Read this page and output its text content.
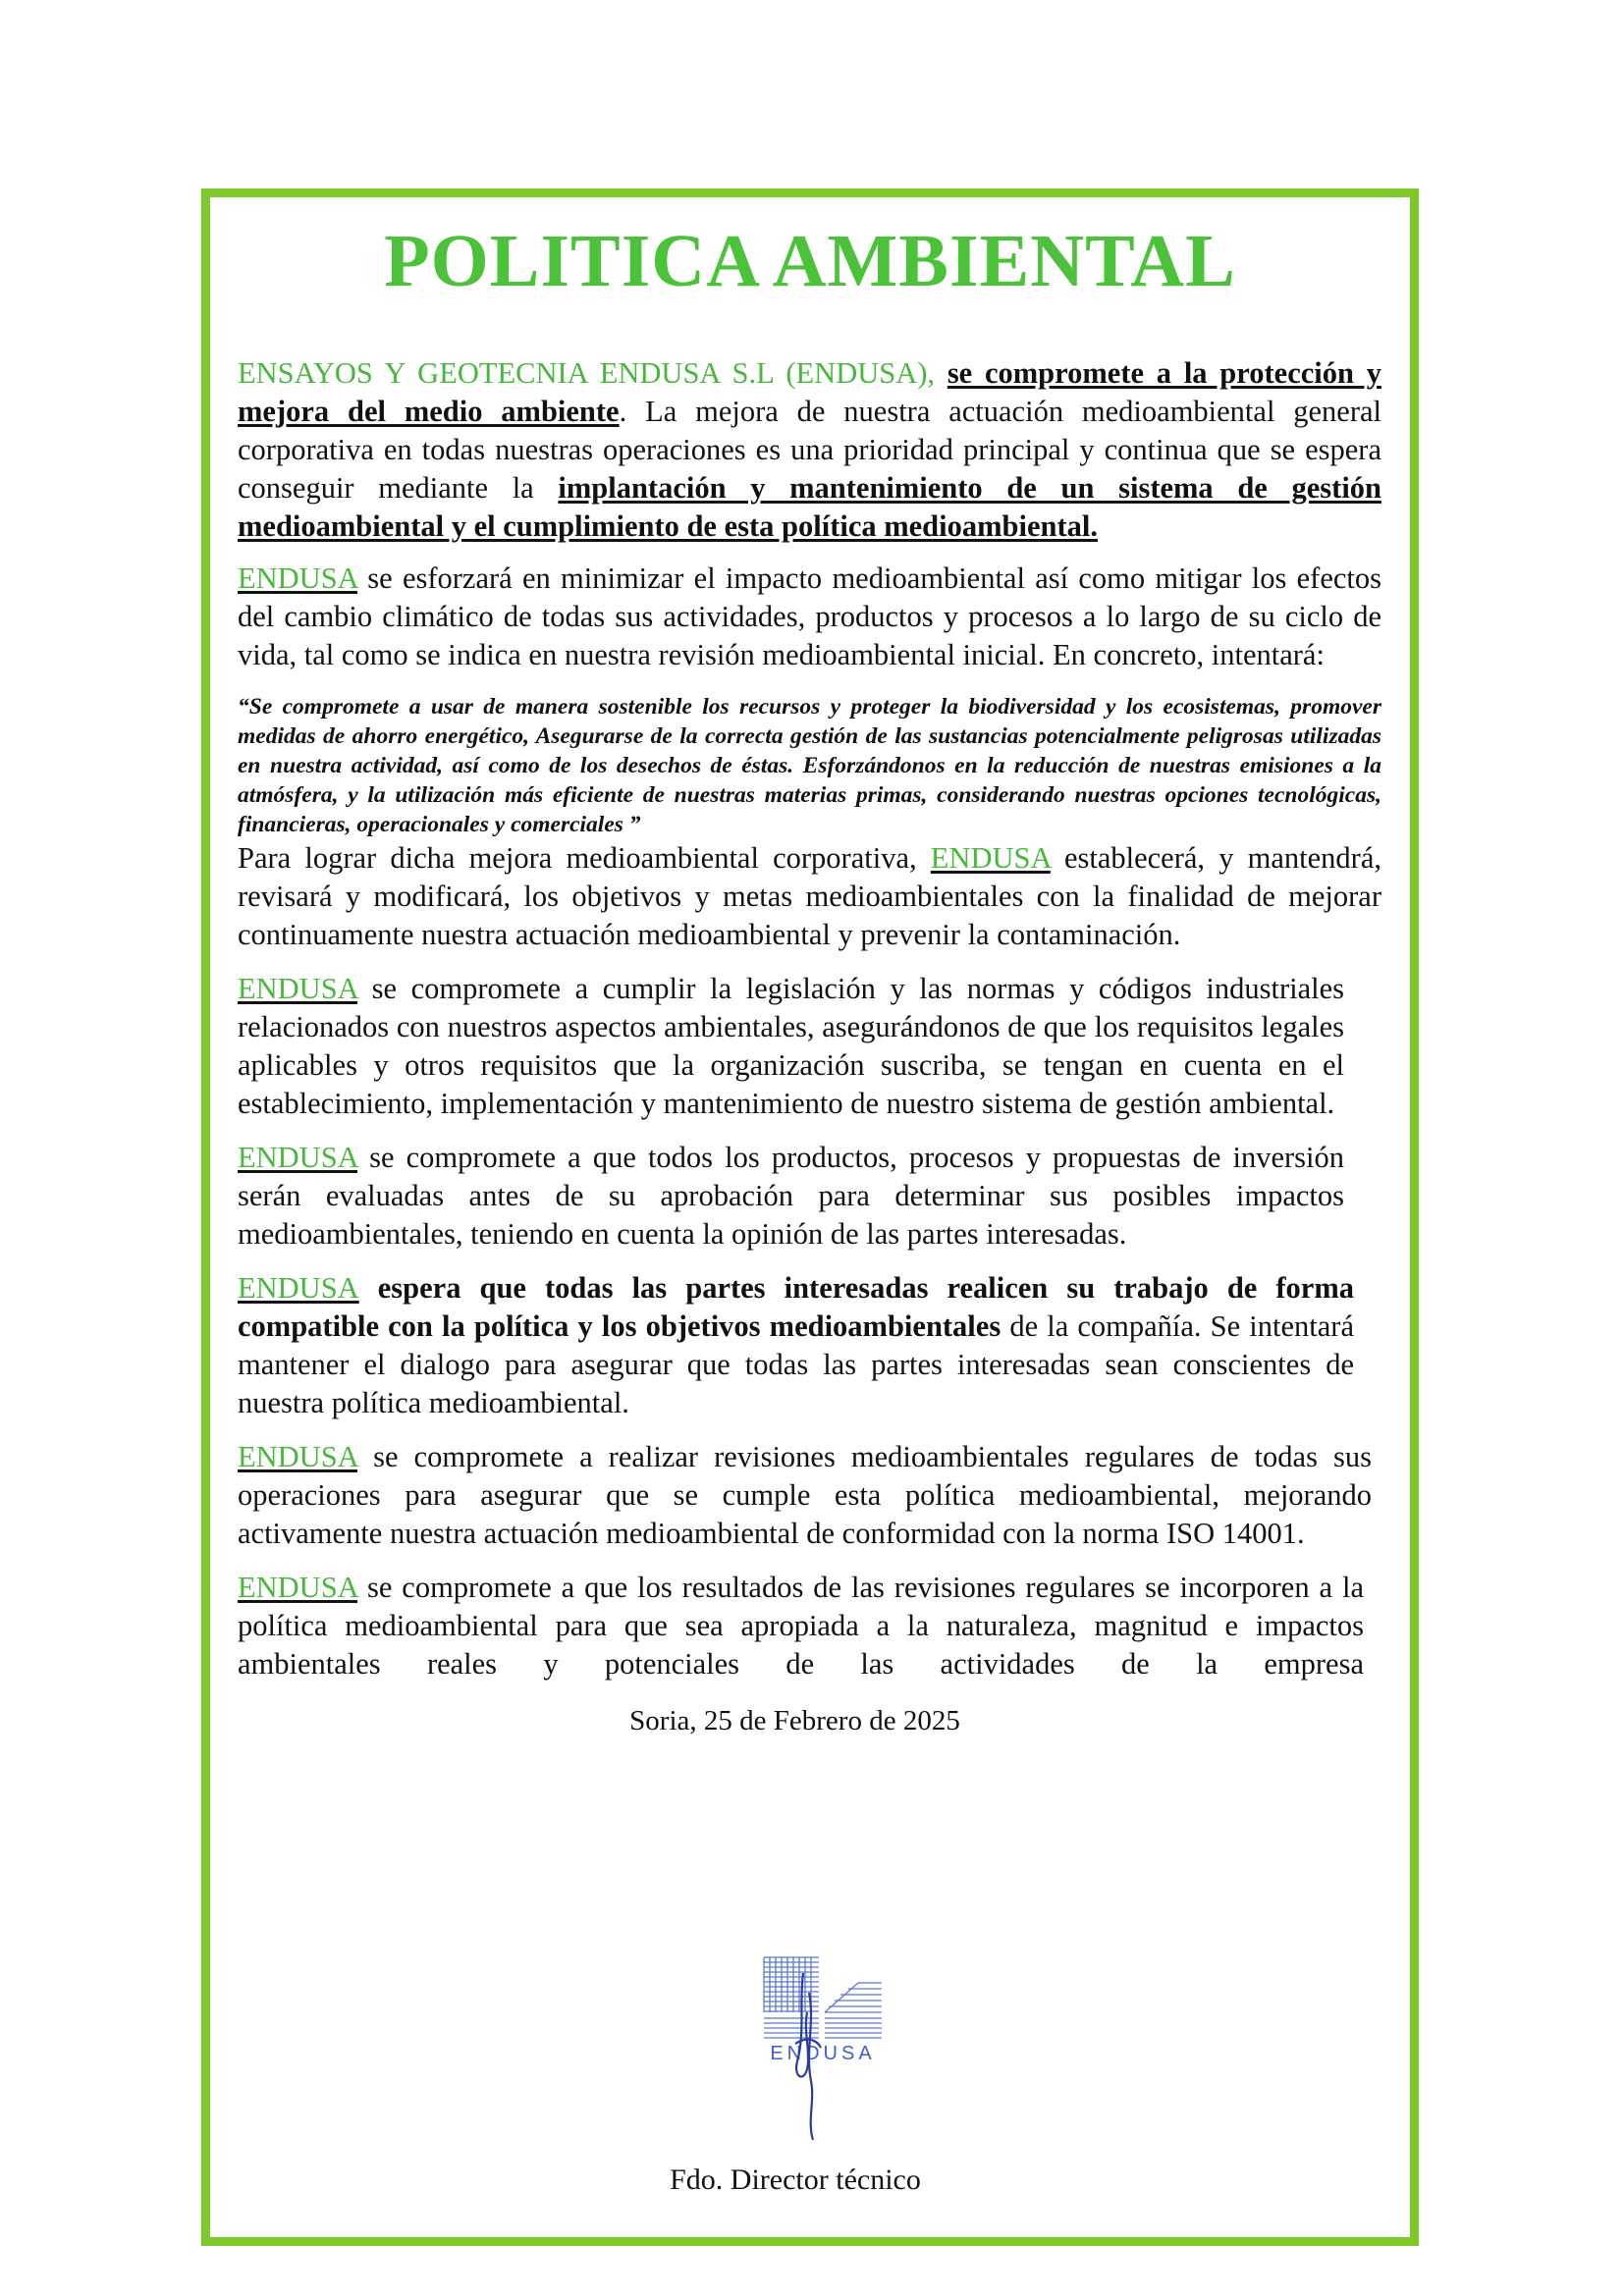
POLITICA AMBIENTAL

ENSAYOS Y GEOTECNIA ENDUSA S.L (ENDUSA), se compromete a la protección y mejora del medio ambiente. La mejora de nuestra actuación medioambiental general corporativa en todas nuestras operaciones es una prioridad principal y continua que se espera conseguir mediante la implantación y mantenimiento de un sistema de gestión medioambiental y el cumplimiento de esta política medioambiental.

ENDUSA se esforzará en minimizar el impacto medioambiental así como mitigar los efectos del cambio climático de todas sus actividades, productos y procesos a lo largo de su ciclo de vida, tal como se indica en nuestra revisión medioambiental inicial. En concreto, intentará:

“Se compromete a usar de manera sostenible los recursos y proteger la biodiversidad y los ecosistemas, promover medidas de ahorro energético, Asegurarse de la correcta gestión de las sustancias potencialmente peligrosas utilizadas en nuestra actividad, así como de los desechos de éstas. Esforzándonos en la reducción de nuestras emisiones a la atmósfera, y la utilización más eficiente de nuestras materias primas, considerando nuestras opciones tecnológicas, financieras, operacionales y comerciales ”

Para lograr dicha mejora medioambiental corporativa, ENDUSA establecerá, y mantendrá, revisará y modificará, los objetivos y metas medioambientales con la finalidad de mejorar continuamente nuestra actuación medioambiental y prevenir la contaminación.

ENDUSA se compromete a cumplir la legislación y las normas y códigos industriales relacionados con nuestros aspectos ambientales, asegurándonos de que los requisitos legales aplicables y otros requisitos que la organización suscriba, se tengan en cuenta en el establecimiento, implementación y mantenimiento de nuestro sistema de gestión ambiental.

ENDUSA se compromete a que todos los productos, procesos y propuestas de inversión serán evaluadas antes de su aprobación para determinar sus posibles impactos medioambientales, teniendo en cuenta la opinión de las partes interesadas.

ENDUSA espera que todas las partes interesadas realicen su trabajo de forma compatible con la política y los objetivos medioambientales de la compañía. Se intentará mantener el dialogo para asegurar que todas las partes interesadas sean conscientes de nuestra política medioambiental.

ENDUSA se compromete a realizar revisiones medioambientales regulares de todas sus operaciones para asegurar que se cumple esta política medioambiental, mejorando activamente nuestra actuación medioambiental de conformidad con la norma ISO 14001.

ENDUSA se compromete a que los resultados de las revisiones regulares se incorporen a la política medioambiental para que sea apropiada a la naturaleza, magnitud e impactos ambientales reales y potenciales de las actividades de la empresa

Soria, 25 de Febrero de 2025

ENDUSA

Fdo. Director técnico
